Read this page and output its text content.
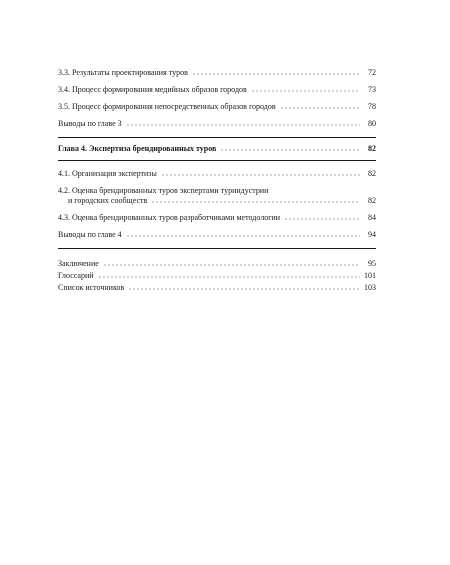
3.3. Результаты проектирования туров	72
3.4. Процесс формирования медийных образов городов	73
3.5. Процесс формирования непосредственных образов городов	78
Выводы по главе 3	80
Глава 4. Экспертиза брендированных туров	82
4.1. Организация экспертизы	82
4.2. Оценка брендированных туров экспертами туриндустрии
и городских сообществ	82
4.3. Оценка брендированных туров разработчиками методологии	84
Выводы по главе 4	94
Заключение	95
Глоссарий	101
Список источников	103
